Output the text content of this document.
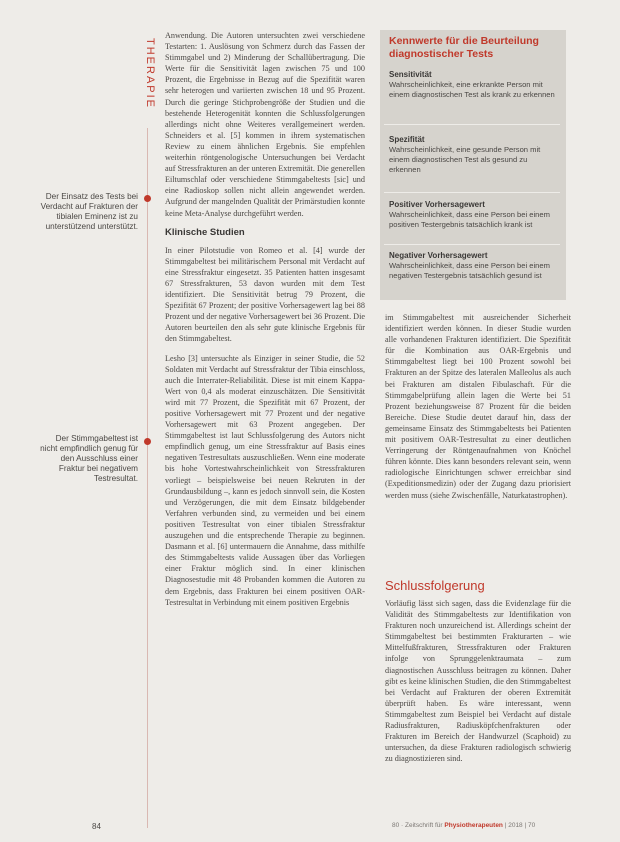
THERAPIE
Der Einsatz des Tests bei Verdacht auf Frakturen der tibialen Eminenz ist zu unterstützend unterstützt.
Der Stimmgabeltest ist nicht empfindlich genug für den Ausschluss einer Fraktur bei negativem Testresultat.

Anwendung. Die Autoren untersuchten zwei verschiedene Testarten: 1. Auslösung von Schmerz durch das Fassen der Stimmgabel und 2) Minderung der Schallübertragung. Die Werte für die Sensitivität lagen zwischen 75 und 100 Prozent, die Ergebnisse in Bezug auf die Spezifität waren sehr heterogen und variierten zwischen 18 und 95 Prozent. Durch die geringe Stichprobengröße der Studien und die bestehende Heterogenität konnten die Schlussfolgerungen allerdings nicht ohne Weiteres verallgemeinert werden. Schneiders et al. [5] kommen in ihrem systematischen Review zu einem ähnlichen Ergebnis. Sie empfehlen weiterhin röntgenologische Untersuchungen bei Verdacht auf Stressfrakturen an der unteren Extremität. Die generellen Eiltumschlaf oder verschiedene Stimmgabeltests [sic] und eine Radioskop sollen nicht allein angewendet werden. Aufgrund der mangelnden Qualität der Primärstudien konnte keine Meta-Analyse durchgeführt werden.

Klinische Studien

In einer Pilotstudie von Romeo et al. [4] wurde der Stimmgabeltest bei militärischem Personal mit Verdacht auf eine Stressfraktur eingesetzt. 35 Patienten hatten insgesamt 67 Stressfrakturen, 53 davon wurden mit dem Test identifiziert. Die Sensitivität betrug 79 Prozent, die Spezifität 67 Prozent; der positive Vorhersagewert lag bei 88 Prozent und der negative Vorhersagewert bei 36 Prozent. Die Autoren beurteilen den als sehr gute klinische Ergebnis für den Stimmgabeltest.

Lesho [3] untersuchte als Einziger in seiner Studie, die 52 Soldaten mit Verdacht auf Stressfraktur der Tibia einschloss, auch die Interrater-Reliabilität. Diese ist mit einem Kappa-Wert von 0,4 als moderat einzuschätzen. Die Sensitivität wird mit 77 Prozent, die Spezifität mit 67 Prozent, der positive Vorhersagewert mit 77 Prozent und der negative Vorhersagewert mit 63 Prozent angegeben. Der Stimmgabeltest ist laut Schlussfolgerung des Autors nicht empfindlich genug, um eine Stressfraktur auf Basis eines negativen Testresultats auszuschließen. Wenn eine moderate bis hohe Vortestwahrscheinlichkeit von Stressfrakturen vorliegt – beispielsweise bei neuen Rekruten in der Grundausbildung –, kann es jedoch sinnvoll sein, die Kosten und Verzögerungen, die mit dem Einsatz bildgebender Verfahren verbunden sind, zu vermeiden und bei einem positiven Testresultat von einer tibialen Stressfraktur auszugehen und die entsprechende Therapie zu beginnen. Dasmann et al. [6] untermauern die Annahme, dass mithilfe des Stimmgabeltests valide Aussagen über das Vorliegen einer Fraktur möglich sind. In einer klinischen Diagnosestudie mit 48 Probanden kommen die Autoren zu dem Ergebnis, dass Frakturen bei einem positiven OAR-Testresultat in Verbindung mit einem positiven Ergebnis

Kennwerte für die Beurteilung diagnostischer Tests
Sensitivität
Wahrscheinlichkeit, eine erkrankte Person mit einem diagnostischen Test als krank zu erkennen
Spezifität
Wahrscheinlichkeit, eine gesunde Person mit einem diagnostischen Test als gesund zu erkennen
Positiver Vorhersagewert
Wahrscheinlichkeit, dass eine Person bei einem positiven Testergebnis tatsächlich krank ist
Negativer Vorhersagewert
Wahrscheinlichkeit, dass eine Person bei einem negativen Testergebnis tatsächlich gesund ist

im Stimmgabeltest mit ausreichender Sicherheit identifiziert werden können. In dieser Studie wurden alle vorhandenen Frakturen identifiziert. Die Spezifität für die Kombination aus OAR-Ergebnis und Stimmgabeltest liegt bei 100 Prozent sowohl bei Frakturen an der Spitze des lateralen Malleolus als auch bei Frakturen am distalen Fibulaschaft. Für die Stimmgabelprüfung allein lagen die Werte bei 51 Prozent beziehungsweise 87 Prozent für die beiden Bereiche. Diese Studie deutet darauf hin, dass der gemeinsame Einsatz des Stimmgabeltests bei Patienten mit positivem OAR-Testresultat zu einer deutlichen Verringerung der Röntgenaufnahmen von Knöchel führen könnte. Dies kann besonders relevant sein, wenn radiologische Einrichtungen schwer erreichbar sind (Expeditionsmedizin) oder der Zugang dazu priorisiert werden muss (siehe Zwischenfälle, Naturkatastrophen).

Schlussfolgerung

Vorläufig lässt sich sagen, dass die Evidenzlage für die Validität des Stimmgabeltests zur Identifikation von Frakturen noch unzureichend ist. Allerdings scheint der Stimmgabeltest bei bestimmten Frakturarten – wie Mittelfußfrakturen, Stressfrakturen oder Frakturen infolge von Sprunggelenktraumata – zum diagnostischen Ausschluss beitragen zu können. Daher gibt es keine klinischen Studien, die den Stimmgabeltest bei Verdacht auf Frakturen der oberen Extremität überprüft haben. Es wäre interessant, wenn Stimmgabeltest zum Beispiel bei Verdacht auf distale Radiusfrakturen, Radiusköpfchenfrakturen oder Frakturen im Bereich der Handwurzel (Scaphoid) zu untersuchen, da diese Frakturen radiologisch schwierig zu diagnostizieren sind.

84	80 · Zeitschrift für Physiotherapeuten | 2018 | 70
